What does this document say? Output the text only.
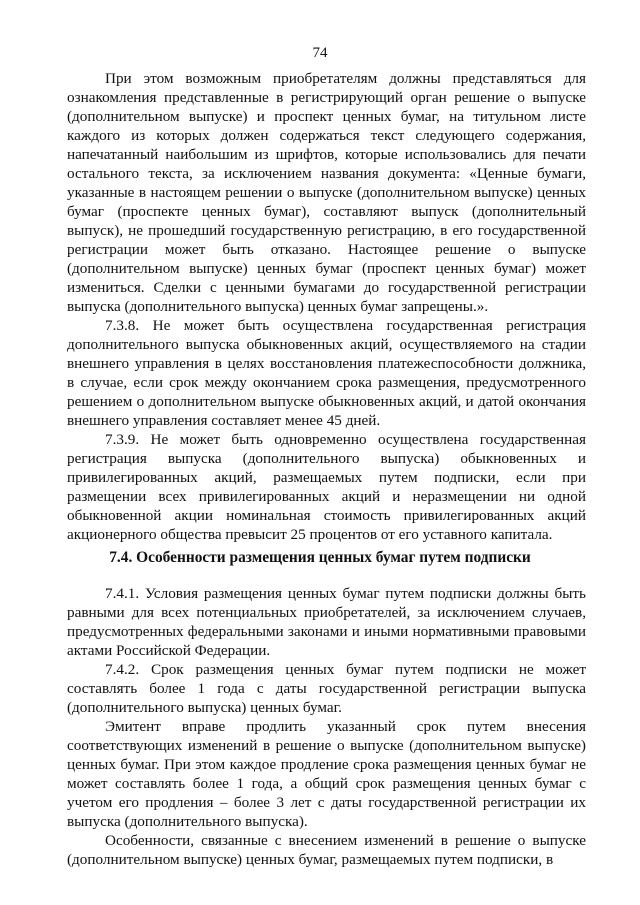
74

При этом возможным приобретателям должны представляться для ознакомления представленные в регистрирующий орган решение о выпуске (дополнительном выпуске) и проспект ценных бумаг, на титульном листе каждого из которых должен содержаться текст следующего содержания, напечатанный наибольшим из шрифтов, которые использовались для печати остального текста, за исключением названия документа: «Ценные бумаги, указанные в настоящем решении о выпуске (дополнительном выпуске) ценных бумаг (проспекте ценных бумаг), составляют выпуск (дополнительный выпуск), не прошедший государственную регистрацию, в его государственной регистрации может быть отказано. Настоящее решение о выпуске (дополнительном выпуске) ценных бумаг (проспект ценных бумаг) может измениться. Сделки с ценными бумагами до государственной регистрации выпуска (дополнительного выпуска) ценных бумаг запрещены.».

7.3.8. Не может быть осуществлена государственная регистрация дополнительного выпуска обыкновенных акций, осуществляемого на стадии внешнего управления в целях восстановления платежеспособности должника, в случае, если срок между окончанием срока размещения, предусмотренного решением о дополнительном выпуске обыкновенных акций, и датой окончания внешнего управления составляет менее 45 дней.

7.3.9. Не может быть одновременно осуществлена государственная регистрация выпуска (дополнительного выпуска) обыкновенных и привилегированных акций, размещаемых путем подписки, если при размещении всех привилегированных акций и неразмещении ни одной обыкновенной акции номинальная стоимость привилегированных акций акционерного общества превысит 25 процентов от его уставного капитала.

7.4. Особенности размещения ценных бумаг путем подписки

7.4.1. Условия размещения ценных бумаг путем подписки должны быть равными для всех потенциальных приобретателей, за исключением случаев, предусмотренных федеральными законами и иными нормативными правовыми актами Российской Федерации.

7.4.2. Срок размещения ценных бумаг путем подписки не может составлять более 1 года с даты государственной регистрации выпуска (дополнительного выпуска) ценных бумаг.

Эмитент вправе продлить указанный срок путем внесения соответствующих изменений в решение о выпуске (дополнительном выпуске) ценных бумаг. При этом каждое продление срока размещения ценных бумаг не может составлять более 1 года, а общий срок размещения ценных бумаг с учетом его продления – более 3 лет с даты государственной регистрации их выпуска (дополнительного выпуска).

Особенности, связанные с внесением изменений в решение о выпуске (дополнительном выпуске) ценных бумаг, размещаемых путем подписки, в
